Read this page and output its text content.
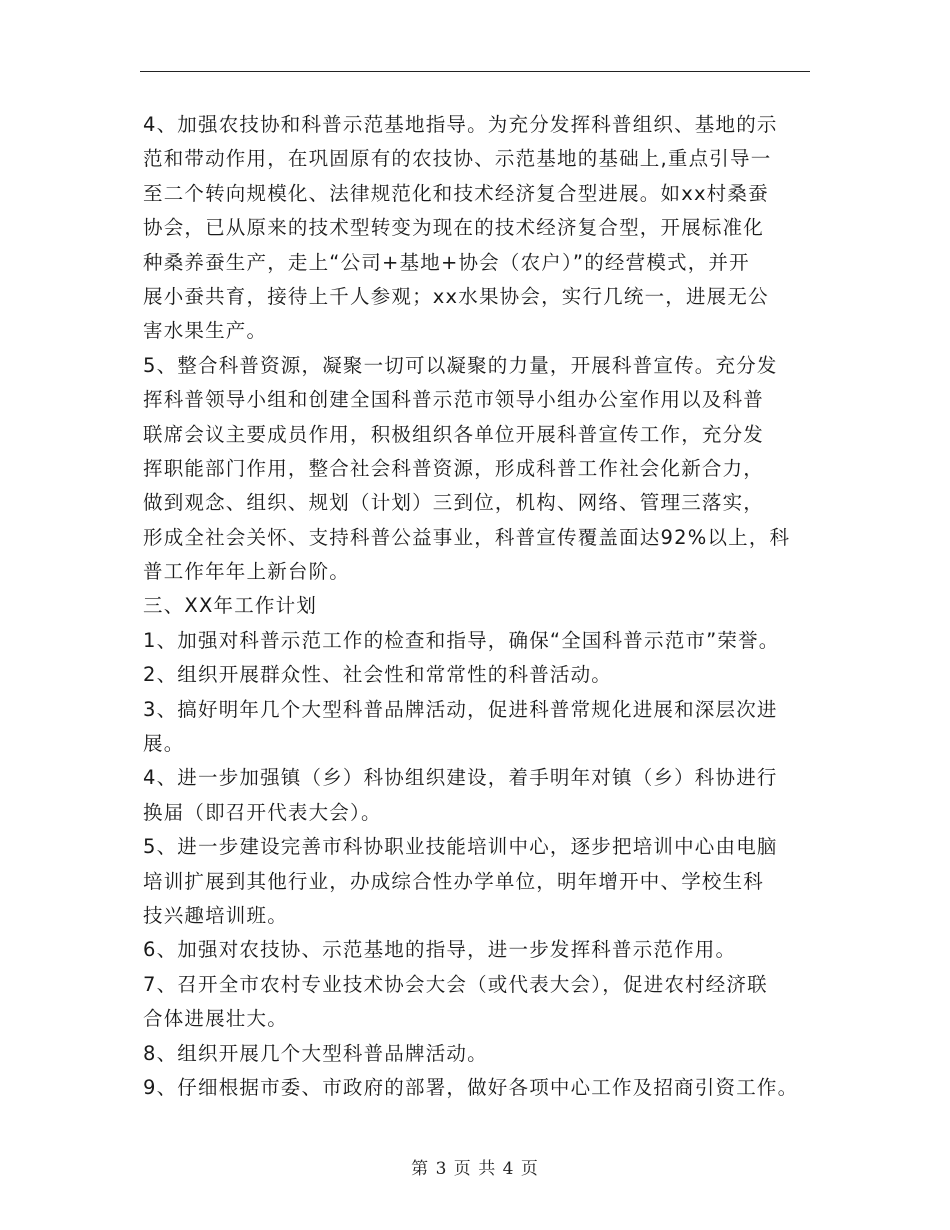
4、加强农技协和科普示范基地指导。为充分发挥科普组织、基地的示
范和带动作用，在巩固原有的农技协、示范基地的基础上,重点引导一
至二个转向规模化、法律规范化和技术经济复合型进展。如xx村桑蚕
协会，已从原来的技术型转变为现在的技术经济复合型，开展标准化
种桑养蚕生产，走上“公司+基地+协会（农户）”的经营模式，并开
展小蚕共育，接待上千人参观；xx水果协会，实行几统一，进展无公
害水果生产。
5、整合科普资源，凝聚一切可以凝聚的力量，开展科普宣传。充分发
挥科普领导小组和创建全国科普示范市领导小组办公室作用以及科普
联席会议主要成员作用，积极组织各单位开展科普宣传工作，充分发
挥职能部门作用，整合社会科普资源，形成科普工作社会化新合力，
做到观念、组织、规划（计划）三到位，机构、网络、管理三落实，
形成全社会关怀、支持科普公益事业，科普宣传覆盖面达92%以上，科
普工作年年上新台阶。
三、XX年工作计划
1、加强对科普示范工作的检查和指导，确保“全国科普示范市”荣誉。
2、组织开展群众性、社会性和常常性的科普活动。
3、搞好明年几个大型科普品牌活动，促进科普常规化进展和深层次进
展。
4、进一步加强镇（乡）科协组织建设，着手明年对镇（乡）科协进行
换届（即召开代表大会）。
5、进一步建设完善市科协职业技能培训中心，逐步把培训中心由电脑
培训扩展到其他行业，办成综合性办学单位，明年增开中、学校生科
技兴趣培训班。
6、加强对农技协、示范基地的指导，进一步发挥科普示范作用。
7、召开全市农村专业技术协会大会（或代表大会），促进农村经济联
合体进展壮大。
8、组织开展几个大型科普品牌活动。
9、仔细根据市委、市政府的部署，做好各项中心工作及招商引资工作。
第 3 页 共 4 页
